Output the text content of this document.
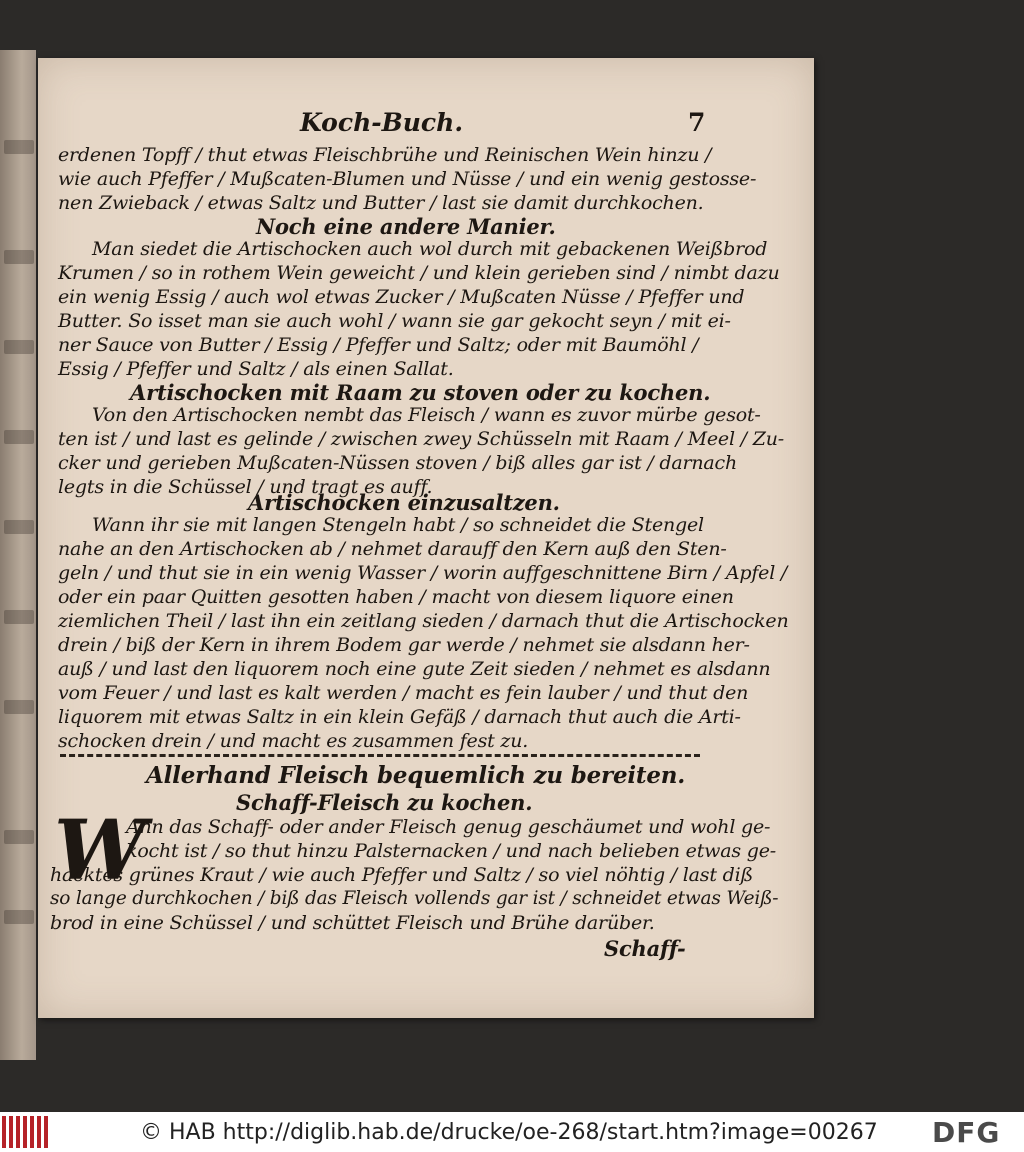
Koch-Buch.	7
erdenen Topff / thut etwas Fleischbrühe und Reinischen Wein hinzu /
wie auch Pfeffer / Mußcaten-Blumen und Nüsse / und ein wenig gestosse-
nen Zwieback / etwas Saltz und Butter / last sie damit durchkochen.
Noch eine andere Manier.
Man siedet die Artischocken auch wol durch mit gebackenen Weißbrod
Krumen / so in rothem Wein geweicht / und klein gerieben sind / nimbt dazu
ein wenig Essig / auch wol etwas Zucker / Mußcaten Nüsse / Pfeffer und
Butter. So isset man sie auch wohl / wann sie gar gekocht seyn / mit ei-
ner Sauce von Butter / Essig / Pfeffer und Saltz; oder mit Baumöhl /
Essig / Pfeffer und Saltz / als einen Sallat.
Artischocken mit Raam zu stoven oder zu kochen.
Von den Artischocken nembt das Fleisch / wann es zuvor mürbe gesot-
ten ist / und last es gelinde / zwischen zwey Schüsseln mit Raam / Meel / Zu-
cker und gerieben Mußcaten-Nüssen stoven / biß alles gar ist / darnach
legts in die Schüssel / und tragt es auff.
Artischocken einzusaltzen.
Wann ihr sie mit langen Stengeln habt / so schneidet die Stengel
nahe an den Artischocken ab / nehmet darauff den Kern auß den Sten-
geln / und thut sie in ein wenig Wasser / worin auffgeschnittene Birn / Apfel /
oder ein paar Quitten gesotten haben / macht von diesem liquore einen
ziemlichen Theil / last ihn ein zeitlang sieden / darnach thut die Artischocken
drein / biß der Kern in ihrem Bodem gar werde / nehmet sie alsdann her-
auß / und last den liquorem noch eine gute Zeit sieden / nehmet es alsdann
vom Feuer / und last es kalt werden / macht es fein lauber / und thut den
liquorem mit etwas Saltz in ein klein Gefäß / darnach thut auch die Arti-
schocken drein / und macht es zusammen fest zu.
Allerhand Fleisch bequemlich zu bereiten.
Schaff-Fleisch zu kochen.
W
Ann das Schaff- oder ander Fleisch genug geschäumet und wohl ge-
kocht ist / so thut hinzu Palsternacken / und nach belieben etwas ge-
hacktes grünes Kraut / wie auch Pfeffer und Saltz / so viel nöhtig / last diß
so lange durchkochen / biß das Fleisch vollends gar ist / schneidet etwas Weiß-
brod in eine Schüssel / und schüttet Fleisch und Brühe darüber.
Schaff-
© HAB http://diglib.hab.de/drucke/oe-268/start.htm?image=00267 DFG
